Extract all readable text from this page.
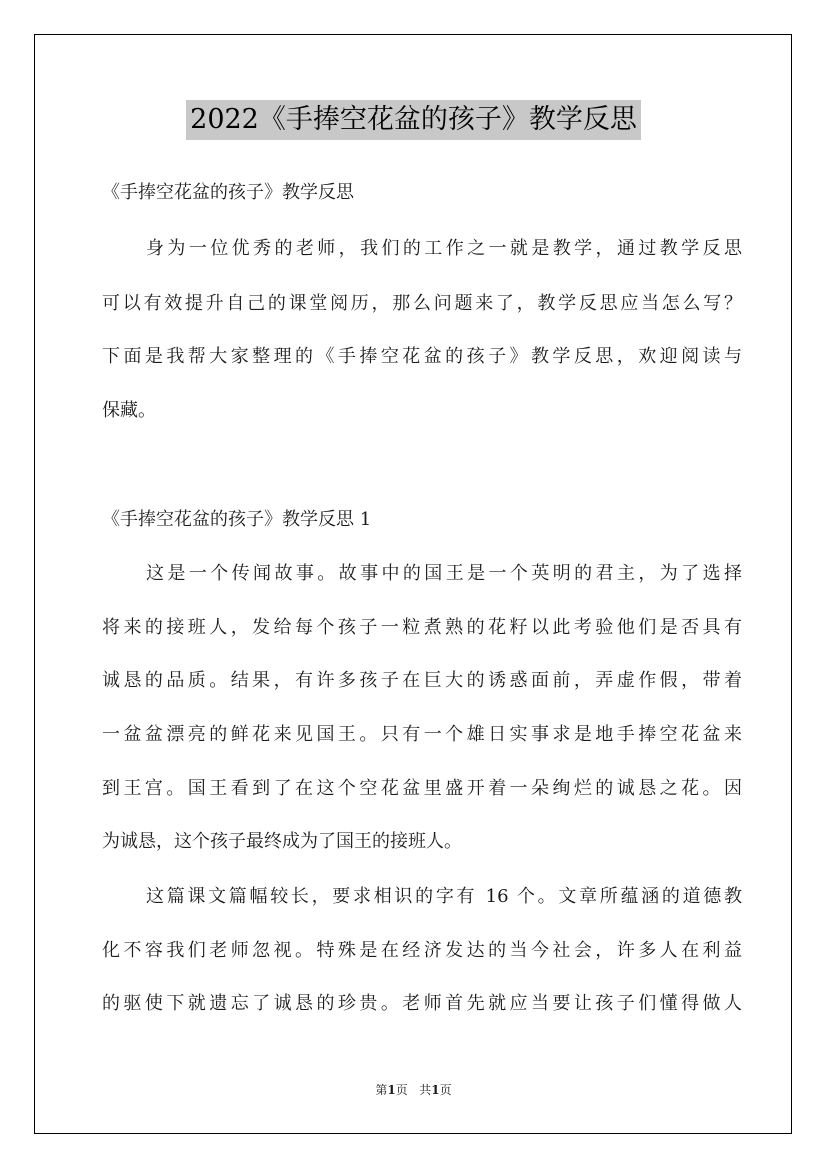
2022《手捧空花盆的孩子》教学反思
《手捧空花盆的孩子》教学反思
身为一位优秀的老师，我们的工作之一就是教学，通过教学反思
可以有效提升自己的课堂阅历，那么问题来了，教学反思应当怎么写？
下面是我帮大家整理的《手捧空花盆的孩子》教学反思，欢迎阅读与
保藏。
《手捧空花盆的孩子》教学反思 1
这是一个传闻故事。故事中的国王是一个英明的君主，为了选择
将来的接班人，发给每个孩子一粒煮熟的花籽以此考验他们是否具有
诚恳的品质。结果，有许多孩子在巨大的诱惑面前，弄虚作假，带着
一盆盆漂亮的鲜花来见国王。只有一个雄日实事求是地手捧空花盆来
到王宫。国王看到了在这个空花盆里盛开着一朵绚烂的诚恳之花。因
为诚恳，这个孩子最终成为了国王的接班人。
这篇课文篇幅较长，要求相识的字有 16 个。文章所蕴涵的道德教
化不容我们老师忽视。特殊是在经济发达的当今社会，许多人在利益
的驱使下就遗忘了诚恳的珍贵。老师首先就应当要让孩子们懂得做人
第1页 共1页
